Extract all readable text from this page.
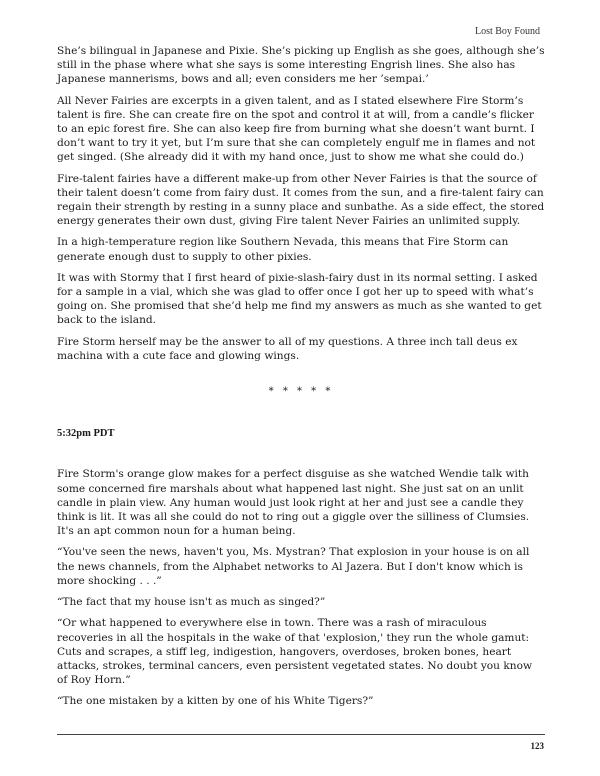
Lost Boy Found

She’s bilingual in Japanese and Pixie. She’s picking up English as she goes, although she’s still in the phase where what she says is some interesting Engrish lines. She also has Japanese mannerisms, bows and all; even considers me her ’sempai.’

All Never Fairies are excerpts in a given talent, and as I stated elsewhere Fire Storm’s talent is fire. She can create fire on the spot and control it at will, from a candle’s flicker to an epic forest fire. She can also keep fire from burning what she doesn’t want burnt. I don’t want to try it yet, but I’m sure that she can completely engulf me in flames and not get singed. (She already did it with my hand once, just to show me what she could do.)

Fire-talent fairies have a different make-up from other Never Fairies is that the source of their talent doesn’t come from fairy dust. It comes from the sun, and a fire-talent fairy can regain their strength by resting in a sunny place and sunbathe. As a side effect, the stored energy generates their own dust, giving Fire talent Never Fairies an unlimited supply.

In a high-temperature region like Southern Nevada, this means that Fire Storm can generate enough dust to supply to other pixies.

It was with Stormy that I first heard of pixie-slash-fairy dust in its normal setting. I asked for a sample in a vial, which she was glad to offer once I got her up to speed with what’s going on. She promised that she’d help me find my answers as much as she wanted to get back to the island.

Fire Storm herself may be the answer to all of my questions. A three inch tall deus ex machina with a cute face and glowing wings.

* * * * *
5:32pm PDT

Fire Storm's orange glow makes for a perfect disguise as she watched Wendie talk with some concerned fire marshals about what happened last night. She just sat on an unlit candle in plain view. Any human would just look right at her and just see a candle they think is lit. It was all she could do not to ring out a giggle over the silliness of Clumsies. It's an apt common noun for a human being.

“You've seen the news, haven't you, Ms. Mystran? That explosion in your house is on all the news channels, from the Alphabet networks to Al Jazera. But I don't know which is more shocking . . .”

“The fact that my house isn't as much as singed?”

“Or what happened to everywhere else in town. There was a rash of miraculous recoveries in all the hospitals in the wake of that 'explosion,' they run the whole gamut: Cuts and scrapes, a stiff leg, indigestion, hangovers, overdoses, broken bones, heart attacks, strokes, terminal cancers, even persistent vegetated states. No doubt you know of Roy Horn.”

“The one mistaken by a kitten by one of his White Tigers?”

123
